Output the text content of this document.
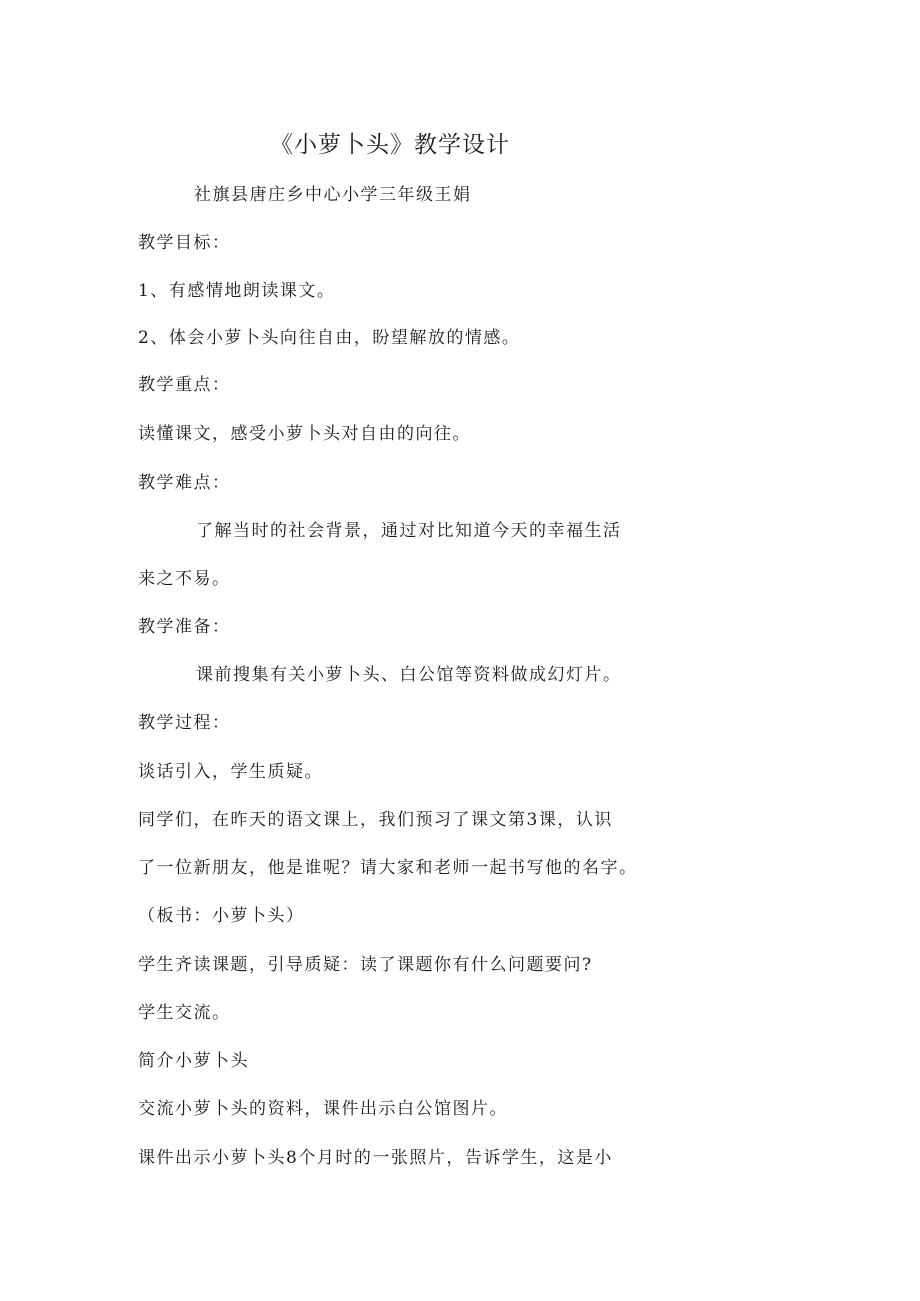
《小萝卜头》教学设计
社旗县唐庄乡中心小学三年级王娟
教学目标：
1、有感情地朗读课文。
2、体会小萝卜头向往自由，盼望解放的情感。
教学重点：
读懂课文，感受小萝卜头对自由的向往。
教学难点：
了解当时的社会背景，通过对比知道今天的幸福生活
来之不易。
教学准备：
课前搜集有关小萝卜头、白公馆等资料做成幻灯片。
教学过程：
谈话引入，学生质疑。
同学们，在昨天的语文课上，我们预习了课文第3课，认识
了一位新朋友，他是谁呢？请大家和老师一起书写他的名字。
（板书：小萝卜头）
学生齐读课题，引导质疑：读了课题你有什么问题要问?
学生交流。
简介小萝卜头
交流小萝卜头的资料，课件出示白公馆图片。
课件出示小萝卜头8个月时的一张照片，告诉学生，这是小
